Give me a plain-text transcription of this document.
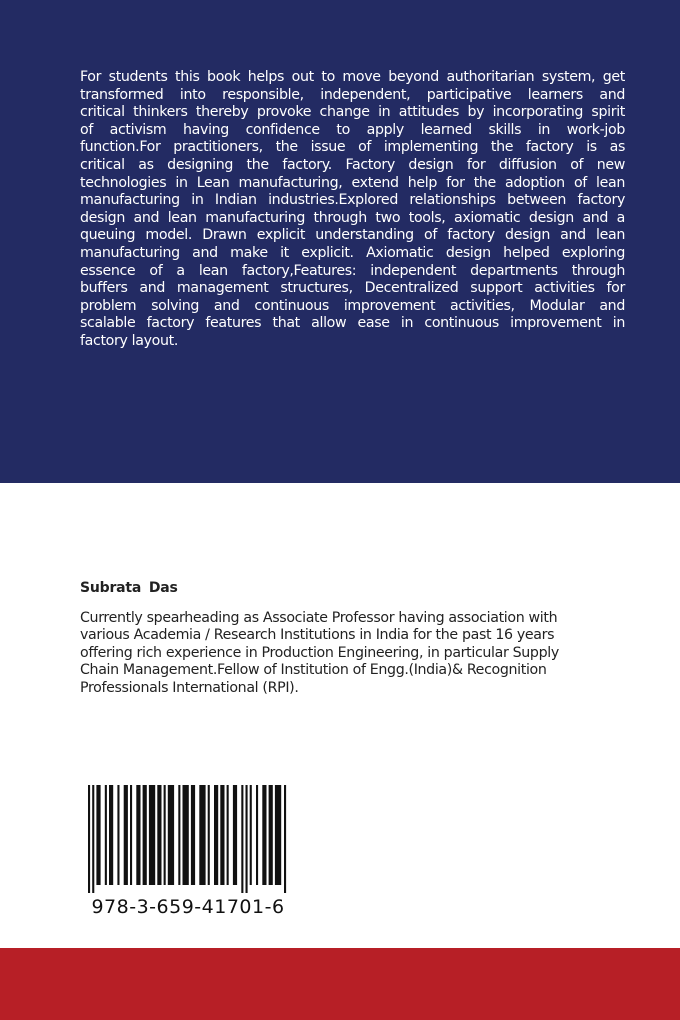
For students this book helps out to move beyond authoritarian system, get
transformed into responsible, independent, participative learners and
critical thinkers thereby provoke change in attitudes by incorporating spirit
of activism having confidence to apply learned skills in work-job
function.For practitioners, the issue of implementing the factory is as
critical as designing the factory. Factory design for diffusion of new
technologies in Lean manufacturing, extend help for the adoption of lean
manufacturing in Indian industries.Explored relationships between factory
design and lean manufacturing through two tools, axiomatic design and a
queuing model. Drawn explicit understanding of factory design and lean
manufacturing and make it explicit. Axiomatic design helped exploring
essence of a lean factory,Features: independent departments through
buffers and management structures, Decentralized support activities for
problem solving and continuous improvement activities, Modular and
scalable factory features that allow ease in continuous improvement in
factory layout.
Subrata Das
Currently spearheading as Associate Professor having association with
various Academia / Research Institutions in India for the past 16 years
offering rich experience in Production Engineering, in particular Supply
Chain Management.Fellow of Institution of Engg.(India)& Recognition
Professionals International (RPI).
978-3-659-41701-6
